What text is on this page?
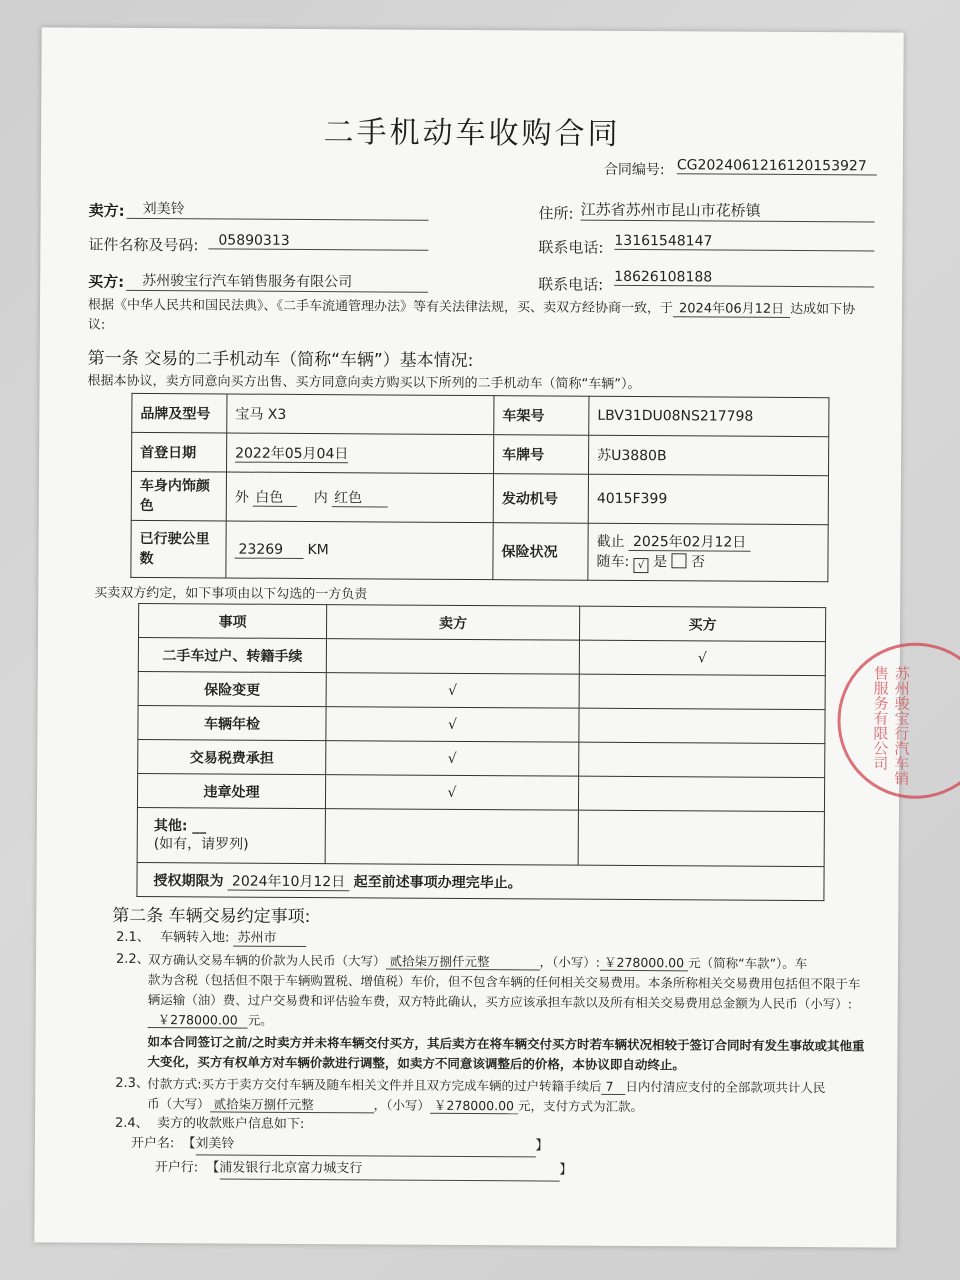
二手机动车收购合同
合同编号: CG2024061216120153927
卖方:	刘美铃	住所: 江苏省苏州市昆山市花桥镇
证件名称及号码:	05890313	联系电话: 13161548147
买方:	苏州骏宝行汽车销售服务有限公司	联系电话: 18626108188
根据《中华人民共和国民法典》、《二手车流通管理办法》等有关法律法规，买、卖双方经协商一致，于 2024年06月12日 达成如下协
议:
第一条 交易的二手机动车（简称“车辆”）基本情况:
根据本协议，卖方同意向买方出售、买方同意向卖方购买以下所列的二手机动车（简称“车辆”）。
品牌及型号	宝马 X3	车架号	LBV31DU08NS217798
首登日期	2022年05月04日	车牌号	苏U3880B
车身内饰颜
色	外 白色 内 红色	发动机号	4015F399
已行驶公里
数	23269 KM	保险状况	截止 2025年02月12日
随车: √ 是 否
买卖双方约定，如下事项由以下勾选的一方负责
事项	卖方	买方
二手车过户、转籍手续		√
保险变更	√	
车辆年检	√	
交易税费承担	√	
违章处理	√	
其他: __
(如有，请罗列)		
授权期限为 2024年10月12日 起至前述事项办理完毕止。		
第二条 车辆交易约定事项:
2.1、 车辆转入地: 苏州市
2.2、
双方确认交易车辆的价款为人民币（大写） 贰拾柒万捌仟元整	，（小写）: ￥278000.00 元（简称“车款”）。车
款为含税（包括但不限于车辆购置税、增值税）车价，但不包含车辆的任何相关交易费用。本条所称相关交易费用包括但不限于车
辆运输（油）费、过户交易费和评估验车费，双方特此确认，买方应该承担车款以及所有相关交易费用总金额为人民币（小写）:
￥278000.00 元。
如本合同签订之前/之时卖方并未将车辆交付买方，其后卖方在将车辆交付买方时若车辆状况相较于签订合同时有发生事故或其他重
大变化，买方有权单方对车辆价款进行调整，如卖方不同意该调整后的价格，本协议即自动终止。
2.3、
付款方式:买方于卖方交付车辆及随车相关文件并且双方完成车辆的过户转籍手续后 7 日内付清应支付的全部款项共计人民
币（大写） 贰拾柒万捌仟元整	，（小写） ￥278000.00 元，支付方式为汇款。
2.4、 卖方的收款账户信息如下:
开户名: 【刘美铃	】
开户行: 【浦发银行北京富力城支行	】
苏州骏宝行汽车销售服务有限公司
